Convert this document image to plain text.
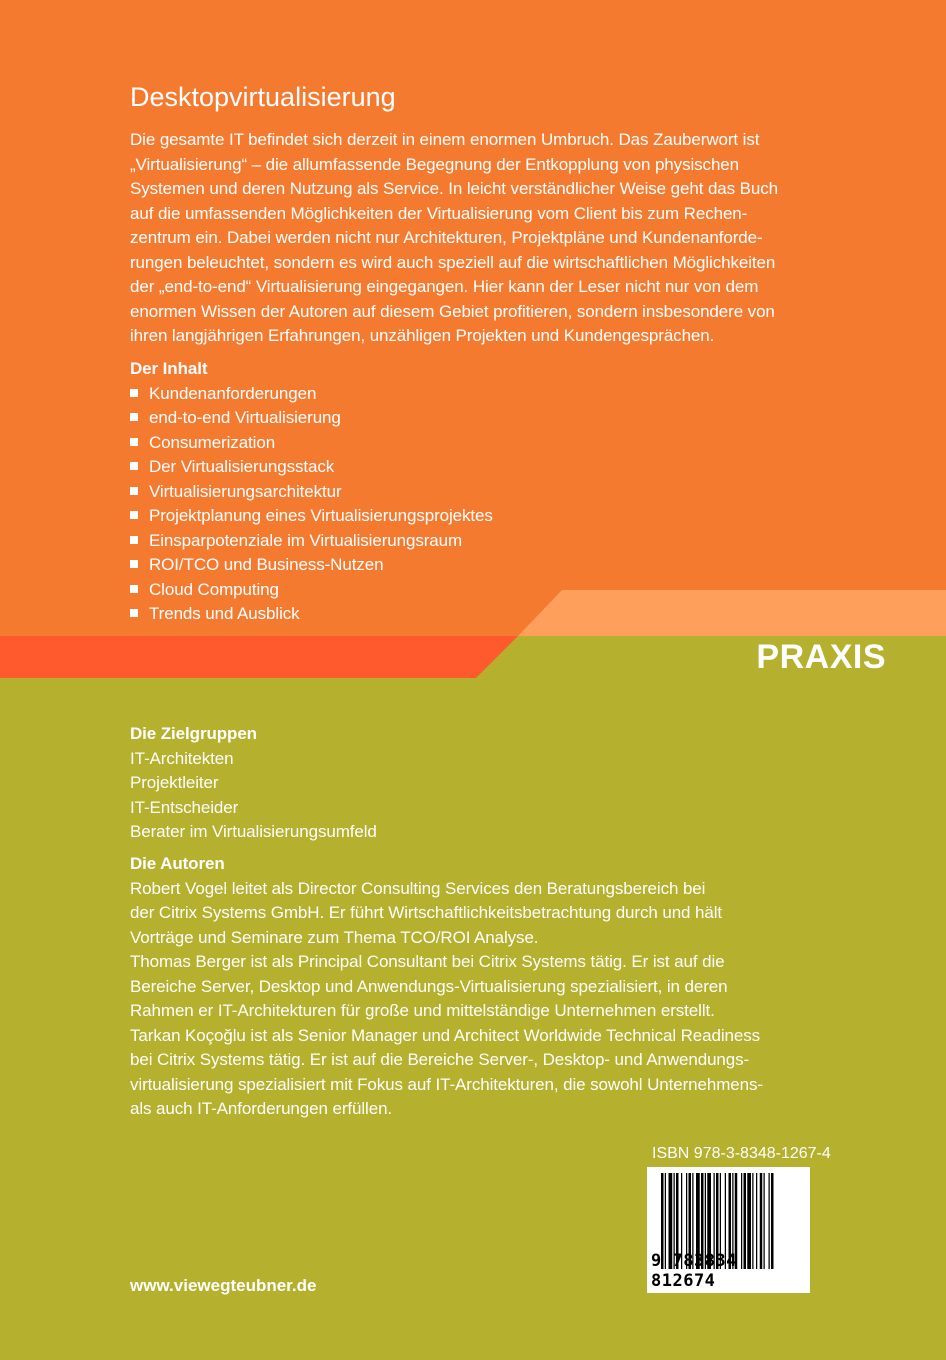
Desktopvirtualisierung
Die gesamte IT befindet sich derzeit in einem enormen Umbruch. Das Zauberwort ist
„Virtualisierung“ – die allumfassende Begegnung der Entkopplung von physischen
Systemen und deren Nutzung als Service. In leicht verständlicher Weise geht das Buch
auf die umfassenden Möglichkeiten der Virtualisierung vom Client bis zum Rechen-
zentrum ein. Dabei werden nicht nur Architekturen, Projektpläne und Kundenanforde-
rungen beleuchtet, sondern es wird auch speziell auf die wirtschaftlichen Möglichkeiten
der „end-to-end“ Virtualisierung eingegangen. Hier kann der Leser nicht nur von dem
enormen Wissen der Autoren auf diesem Gebiet profitieren, sondern insbesondere von
ihren langjährigen Erfahrungen, unzähligen Projekten und Kundengesprächen.
Der Inhalt
Kundenanforderungen
end-to-end Virtualisierung
Consumerization
Der Virtualisierungsstack
Virtualisierungsarchitektur
Projektplanung eines Virtualisierungsprojektes
Einsparpotenziale im Virtualisierungsraum
ROI/TCO und Business-Nutzen
Cloud Computing
Trends und Ausblick
PRAXIS
Die Zielgruppen
IT-Architekten
Projektleiter
IT-Entscheider
Berater im Virtualisierungsumfeld
Die Autoren
Robert Vogel leitet als Director Consulting Services den Beratungsbereich bei
der Citrix Systems GmbH. Er führt Wirtschaftlichkeitsbetrachtung durch und hält
Vorträge und Seminare zum Thema TCO/ROI Analyse.
Thomas Berger ist als Principal Consultant bei Citrix Systems tätig. Er ist auf die
Bereiche Server, Desktop und Anwendungs-Virtualisierung spezialisiert, in deren
Rahmen er IT-Architekturen für große und mittelständige Unternehmen erstellt.
Tarkan Koçoğlu ist als Senior Manager und Architect Worldwide Technical Readiness
bei Citrix Systems tätig. Er ist auf die Bereiche Server-, Desktop- und Anwendungs-
virtualisierung spezialisiert mit Fokus auf IT-Architekturen, die sowohl Unternehmens-
als auch IT-Anforderungen erfüllen.
ISBN 978-3-8348-1267-4
9 783834 812674
www.viewegteubner.de
